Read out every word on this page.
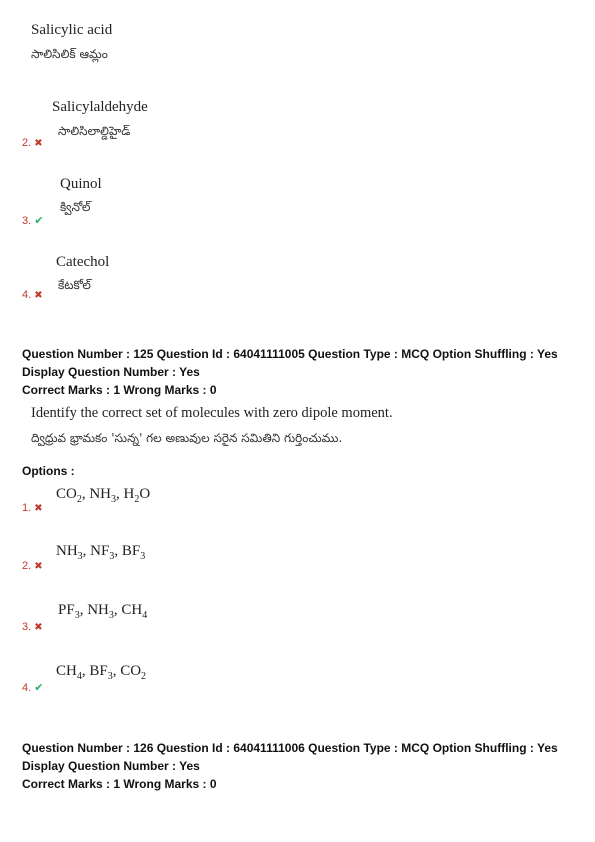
Salicylic acid
సాలిసిలిక్ ఆమ్లం
Salicylaldehyde
సాలిసిలాల్డిహైడ్
2. ✖
Quinol
క్వినోల్
3. ✔
Catechol
కేటకోల్
4. ✖
Question Number : 125 Question Id : 64041111005 Question Type : MCQ Option Shuffling : Yes
Display Question Number : Yes
Correct Marks : 1 Wrong Marks : 0
Identify the correct set of molecules with zero dipole moment.
ద్విధ్రువ భ్రామకం 'సున్న' గల అణువుల సరైన సమితిని గుర్తించుము.
Options :
$CO_2$, $NH_3$, $H_2O$
1. ✖
$NH_3$, $NF_3$, $BF_3$
2. ✖
$PF_3$, $NH_3$, $CH_4$
3. ✖
$CH_4$, $BF_3$, $CO_2$
4. ✔
Question Number : 126 Question Id : 64041111006 Question Type : MCQ Option Shuffling : Yes
Display Question Number : Yes
Correct Marks : 1 Wrong Marks : 0
